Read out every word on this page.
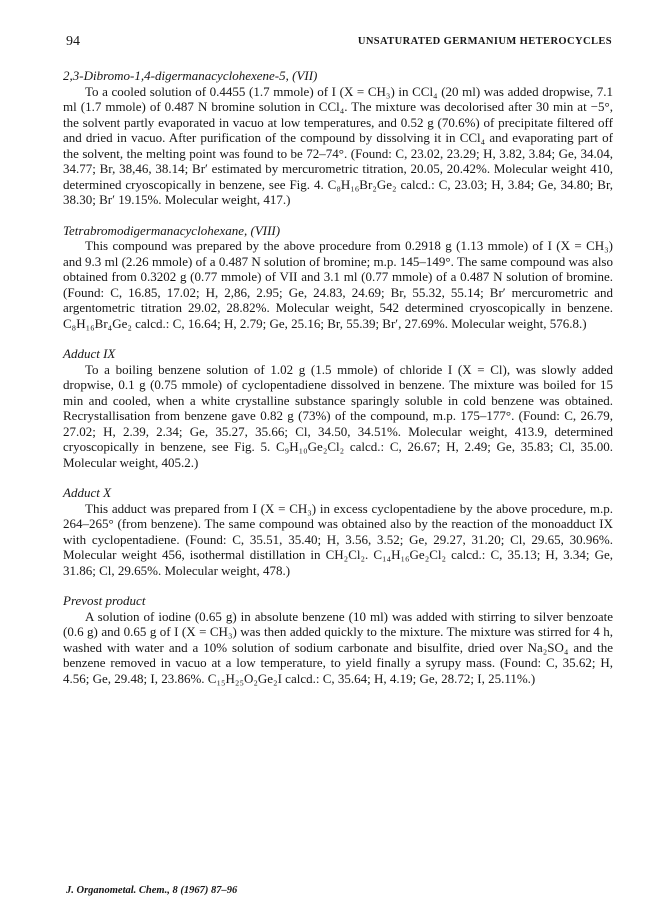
94	UNSATURATED GERMANIUM HETEROCYCLES
2,3-Dibromo-1,4-digermanacyclohexene-5, (VII)

To a cooled solution of 0.4455 (1.7 mmole) of I (X = CH₃) in CCl₄ (20 ml) was added dropwise, 7.1 ml (1.7 mmole) of 0.487 N bromine solution in CCl₄. The mixture was decolorised after 30 min at −5°, the solvent partly evaporated in vacuo at low temperatures, and 0.52 g (70.6%) of precipitate filtered off and dried in vacuo. After purification of the compound by dissolving it in CCl₄ and evaporating part of the solvent, the melting point was found to be 72–74°. (Found: C, 23.02, 23.29; H, 3.82, 3.84; Ge, 34.04, 34.77; Br, 38,46, 38.14; Br′ estimated by mercurometric titration, 20.05, 20.42%. Molecular weight 410, determined cryoscopically in benzene, see Fig. 4. C₈H₁₆Br₂Ge₂ calcd.: C, 23.03; H, 3.84; Ge, 34.80; Br, 38.30; Br′ 19.15%. Molecular weight, 417.)

Tetrabromodigermanacyclohexane, (VIII)

This compound was prepared by the above procedure from 0.2918 g (1.13 mmole) of I (X = CH₃) and 9.3 ml (2.26 mmole) of a 0.487 N solution of bromine; m.p. 145–149°. The same compound was also obtained from 0.3202 g (0.77 mmole) of VII and 3.1 ml (0.77 mmole) of a 0.487 N solution of bromine. (Found: C, 16.85, 17.02; H, 2,86, 2.95; Ge, 24.83, 24.69; Br, 55.32, 55.14; Br′ mercurometric and argentometric titration 29.02, 28.82%. Molecular weight, 542 determined cryoscopically in benzene. C₈H₁₆Br₄Ge₂ calcd.: C, 16.64; H, 2.79; Ge, 25.16; Br, 55.39; Br′, 27.69%. Molecular weight, 576.8.)

Adduct IX

To a boiling benzene solution of 1.02 g (1.5 mmole) of chloride I (X = Cl), was slowly added dropwise, 0.1 g (0.75 mmole) of cyclopentadiene dissolved in benzene. The mixture was boiled for 15 min and cooled, when a white crystalline substance sparingly soluble in cold benzene was obtained. Recrystallisation from benzene gave 0.82 g (73%) of the compound, m.p. 175–177°. (Found: C, 26.79, 27.02; H, 2.39, 2.34; Ge, 35.27, 35.66; Cl, 34.50, 34.51%. Molecular weight, 413.9, determined cryoscopically in benzene, see Fig. 5. C₉H₁₀Ge₂Cl₂ calcd.: C, 26.67; H, 2.49; Ge, 35.83; Cl, 35.00. Molecular weight, 405.2.)

Adduct X

This adduct was prepared from I (X = CH₃) in excess cyclopentadiene by the above procedure, m.p. 264–265° (from benzene). The same compound was obtained also by the reaction of the monoadduct IX with cyclopentadiene. (Found: C, 35.51, 35.40; H, 3.56, 3.52; Ge, 29.27, 31.20; Cl, 29.65, 30.96%. Molecular weight 456, isothermal distillation in CH₂Cl₂. C₁₄H₁₆Ge₂Cl₂ calcd.: C, 35.13; H, 3.34; Ge, 31.86; Cl, 29.65%. Molecular weight, 478.)

Prevost product

A solution of iodine (0.65 g) in absolute benzene (10 ml) was added with stirring to silver benzoate (0.6 g) and 0.65 g of I (X = CH₃) was then added quickly to the mixture. The mixture was stirred for 4 h, washed with water and a 10% solution of sodium carbonate and bisulfite, dried over Na₂SO₄ and the benzene removed in vacuo at a low temperature, to yield finally a syrupy mass. (Found: C, 35.62; H, 4.56; Ge, 29.48; I, 23.86%. C₁₅H₂₅O₂Ge₂I calcd.: C, 35.64; H, 4.19; Ge, 28.72; I, 25.11%.)

J. Organometal. Chem., 8 (1967) 87–96
